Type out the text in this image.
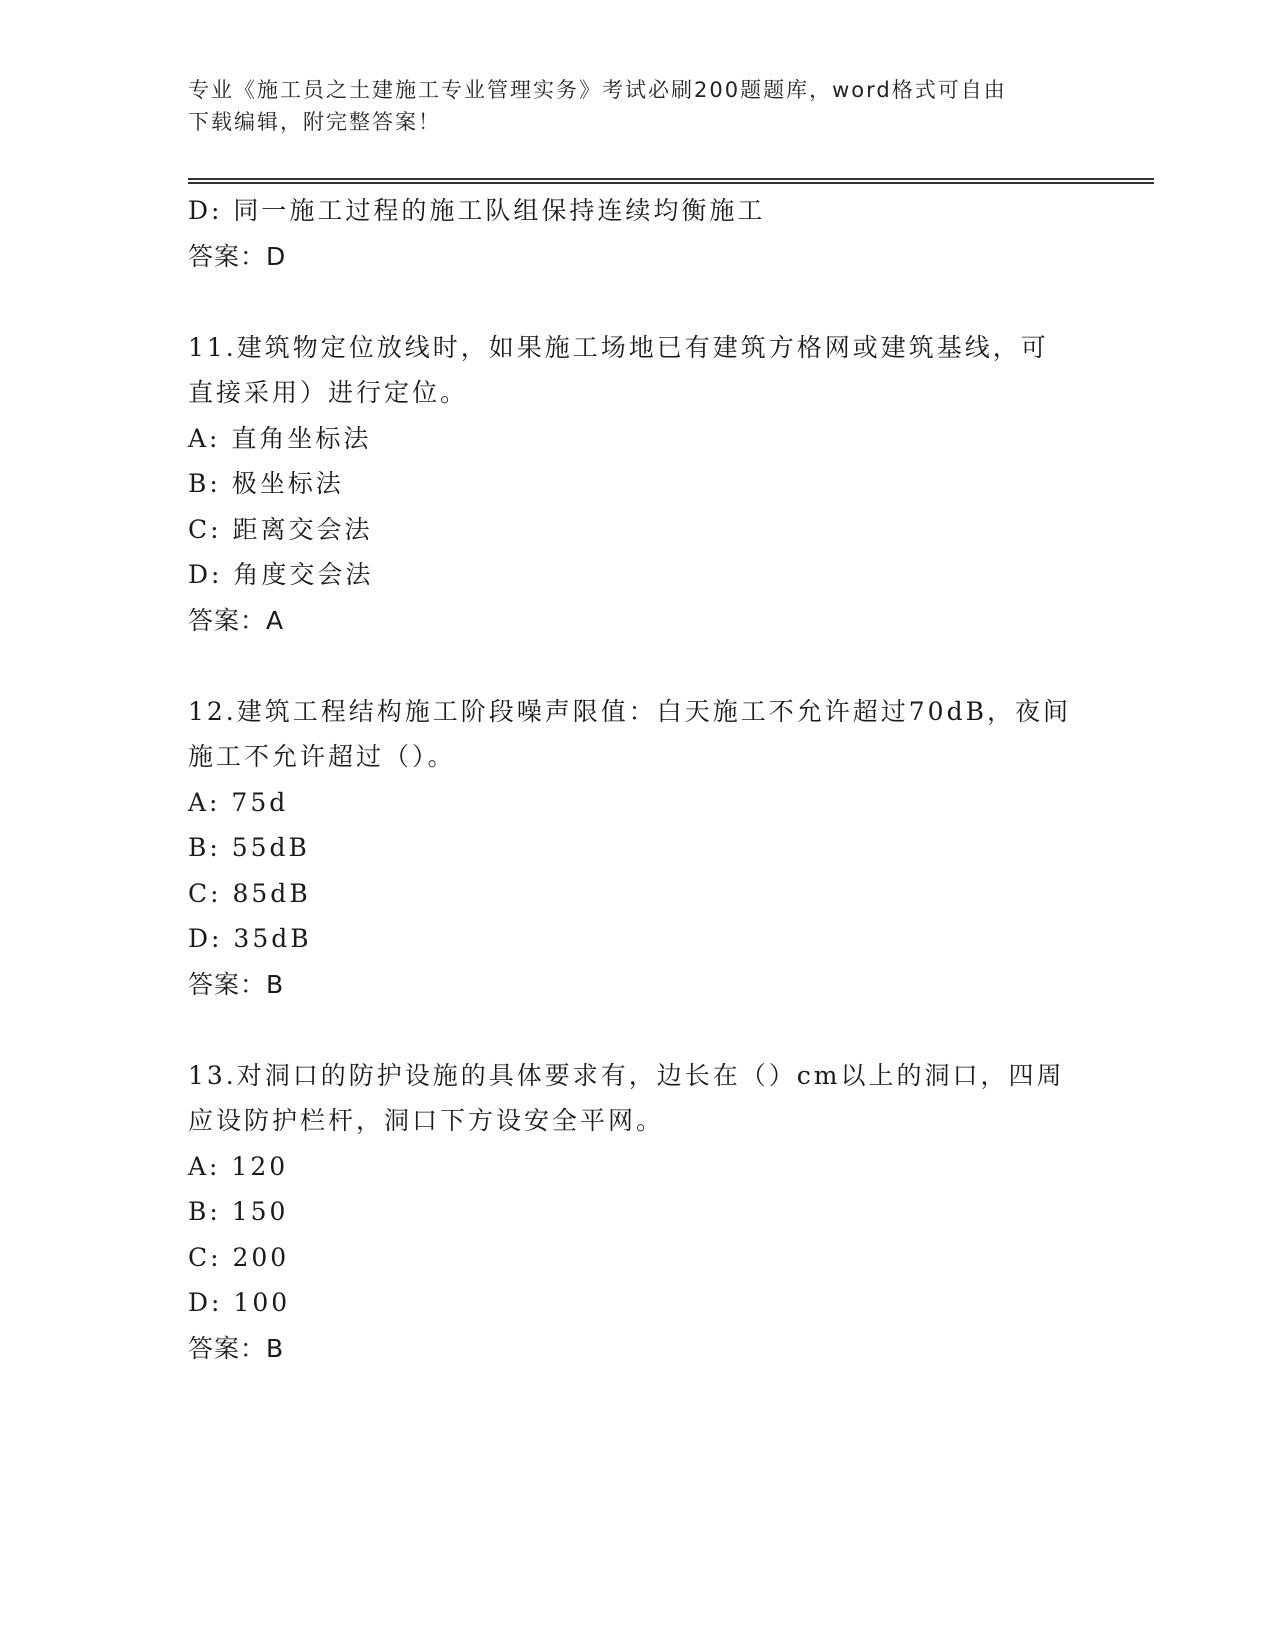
专业《施工员之土建施工专业管理实务》考试必刷200题题库，word格式可自由
下载编辑，附完整答案！
D: 同一施工过程的施工队组保持连续均衡施工
答案：D
11.建筑物定位放线时，如果施工场地已有建筑方格网或建筑基线，可
直接采用）进行定位。
A: 直角坐标法
B: 极坐标法
C: 距离交会法
D: 角度交会法
答案：A
12.建筑工程结构施工阶段噪声限值：白天施工不允许超过70dB，夜间
施工不允许超过（）。
A: 75d
B: 55dB
C: 85dB
D: 35dB
答案：B
13.对洞口的防护设施的具体要求有，边长在（）cm以上的洞口，四周
应设防护栏杆，洞口下方设安全平网。
A: 120
B: 150
C: 200
D: 100
答案：B
